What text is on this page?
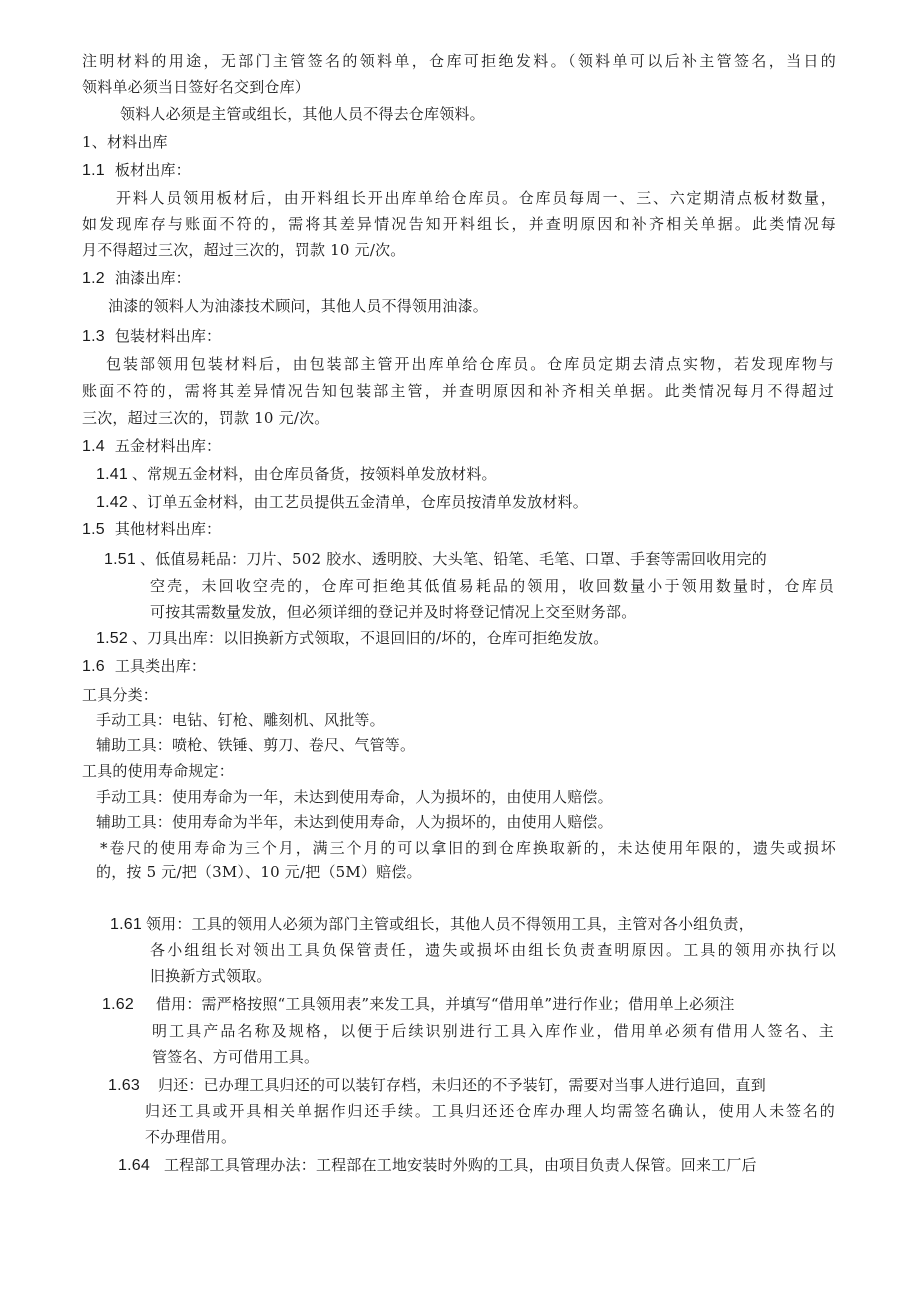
注明材料的用途，无部门主管签名的领料单，仓库可拒绝发料。（领料单可以后补主管签名，当日的
领料单必须当日签好名交到仓库）
领料人必须是主管或组长，其他人员不得去仓库领料。
1、材料出库
1.1 板材出库：
开料人员领用板材后，由开料组长开出库单给仓库员。仓库员每周一、三、六定期清点板材数量，
如发现库存与账面不符的，需将其差异情况告知开料组长，并查明原因和补齐相关单据。此类情况每
月不得超过三次，超过三次的，罚款 10 元/次。
1.2 油漆出库：
油漆的领料人为油漆技术顾问，其他人员不得领用油漆。
1.3 包装材料出库：
包装部领用包装材料后，由包装部主管开出库单给仓库员。仓库员定期去清点实物，若发现库物与
账面不符的，需将其差异情况告知包装部主管，并查明原因和补齐相关单据。此类情况每月不得超过
三次，超过三次的，罚款 10 元/次。
1.4 五金材料出库：
1.41 、常规五金材料，由仓库员备货，按领料单发放材料。
1.42 、订单五金材料，由工艺员提供五金清单，仓库员按清单发放材料。
1.5 其他材料出库：
1.51 、低值易耗品：刀片、502 胶水、透明胶、大头笔、铅笔、毛笔、口罩、手套等需回收用完的
空壳，未回收空壳的，仓库可拒绝其低值易耗品的领用，收回数量小于领用数量时，仓库员
可按其需数量发放，但必须详细的登记并及时将登记情况上交至财务部。
1.52 、刀具出库：以旧换新方式领取，不退回旧的/坏的，仓库可拒绝发放。
1.6 工具类出库：
工具分类：
手动工具：电钻、钉枪、雕刻机、风批等。
辅助工具：喷枪、铁锤、剪刀、卷尺、气管等。
工具的使用寿命规定：
手动工具：使用寿命为一年，未达到使用寿命，人为损坏的，由使用人赔偿。
辅助工具：使用寿命为半年，未达到使用寿命，人为损坏的，由使用人赔偿。
*卷尺的使用寿命为三个月，满三个月的可以拿旧的到仓库换取新的，未达使用年限的，遗失或损坏
的，按 5 元/把（3M）、10 元/把（5M）赔偿。
1.61 领用：工具的领用人必须为部门主管或组长，其他人员不得领用工具，主管对各小组负责，
各小组组长对领出工具负保管责任，遗失或损坏由组长负责查明原因。工具的领用亦执行以
旧换新方式领取。
1.62 借用：需严格按照“工具领用表”来发工具，并填写“借用单”进行作业；借用单上必须注
明工具产品名称及规格，以便于后续识别进行工具入库作业，借用单必须有借用人签名、主
管签名、方可借用工具。
1.63 归还：已办理工具归还的可以装钉存档，未归还的不予装钉，需要对当事人进行追回，直到
归还工具或开具相关单据作归还手续。工具归还还仓库办理人均需签名确认，使用人未签名的
不办理借用。
1.64 工程部工具管理办法：工程部在工地安装时外购的工具，由项目负责人保管。回来工厂后
